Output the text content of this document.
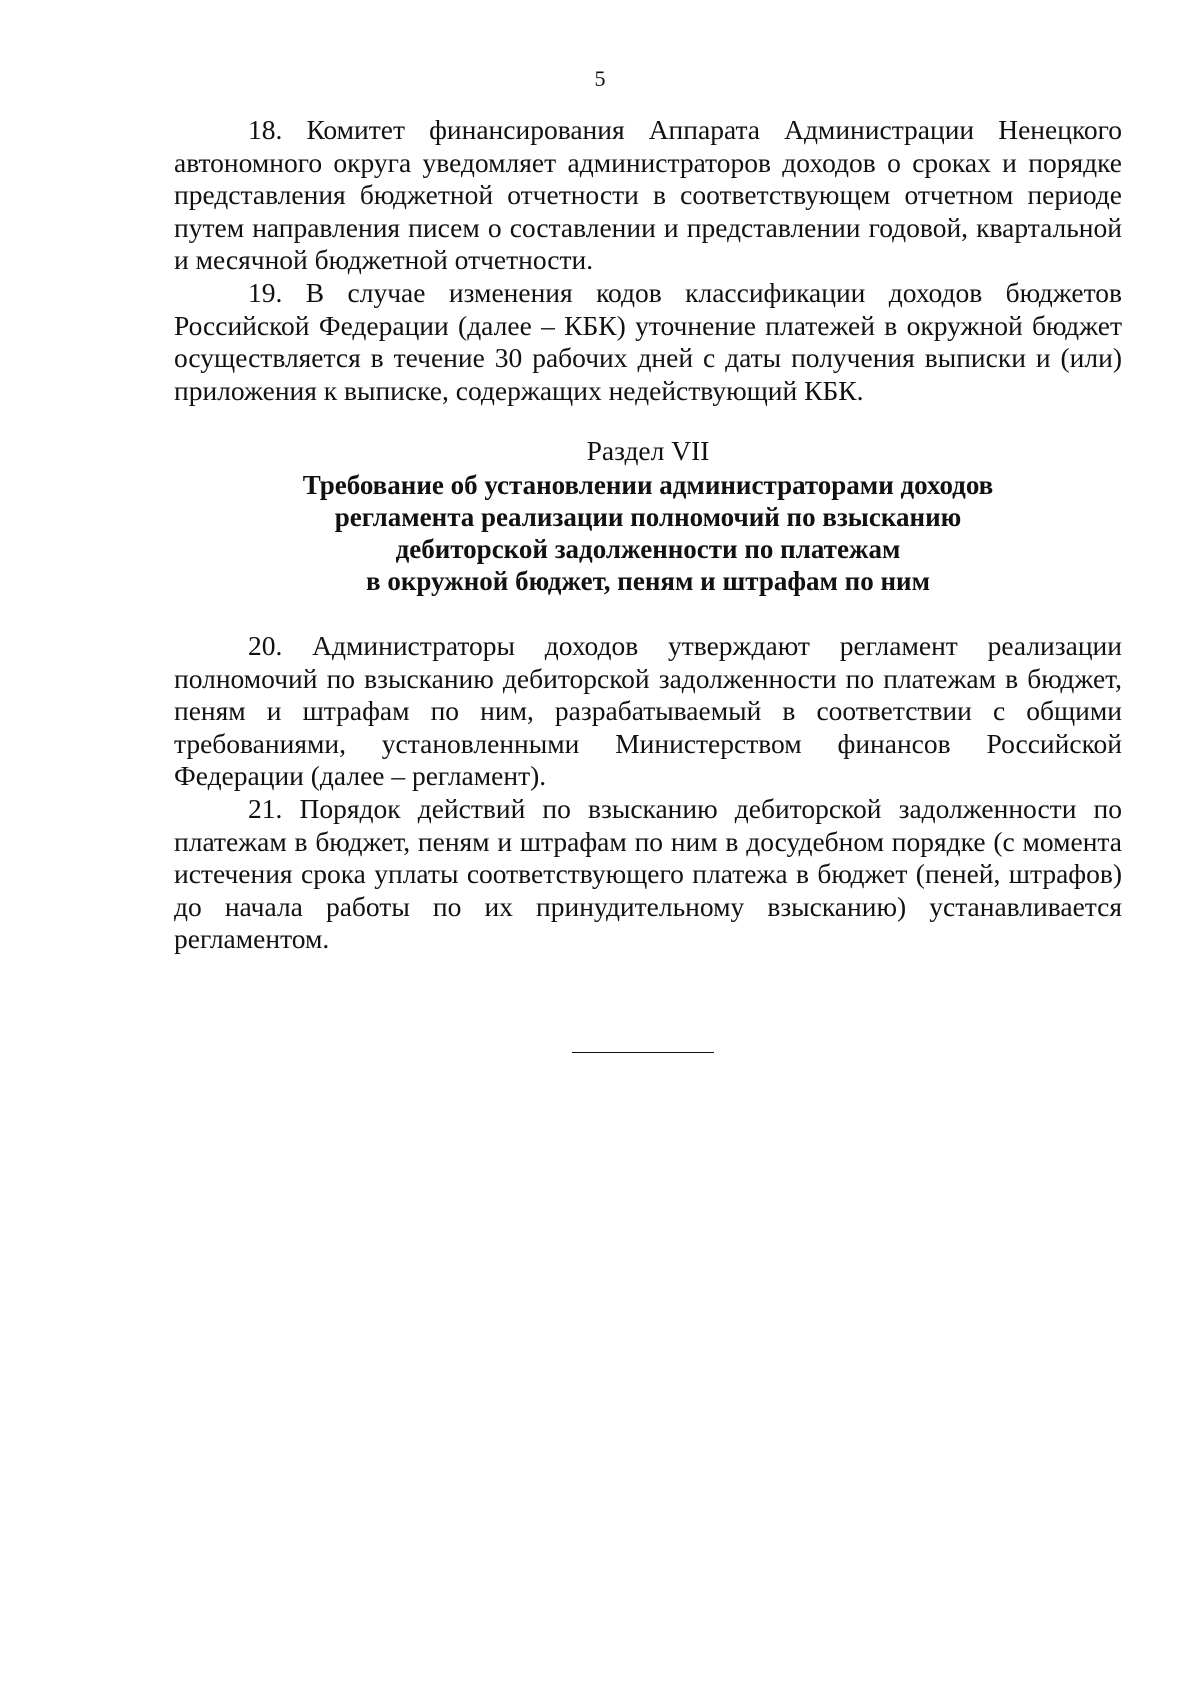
5

18. Комитет финансирования Аппарата Администрации Ненецкого автономного округа уведомляет администраторов доходов о сроках и порядке представления бюджетной отчетности в соответствующем отчетном периоде путем направления писем о составлении и представлении годовой, квартальной и месячной бюджетной отчетности.

19. В случае изменения кодов классификации доходов бюджетов Российской Федерации (далее – КБК) уточнение платежей в окружной бюджет осуществляется в течение 30 рабочих дней с даты получения выписки и (или) приложения к выписке, содержащих недействующий КБК.

Раздел VII
Требование об установлении администраторами доходов
регламента реализации полномочий по взысканию
дебиторской задолженности по платежам
в окружной бюджет, пеням и штрафам по ним

20. Администраторы доходов утверждают регламент реализации полномочий по взысканию дебиторской задолженности по платежам в бюджет, пеням и штрафам по ним, разрабатываемый в соответствии с общими требованиями, установленными Министерством финансов Российской Федерации (далее – регламент).

21. Порядок действий по взысканию дебиторской задолженности по платежам в бюджет, пеням и штрафам по ним в досудебном порядке (с момента истечения срока уплаты соответствующего платежа в бюджет (пеней, штрафов) до начала работы по их принудительному взысканию) устанавливается регламентом.
